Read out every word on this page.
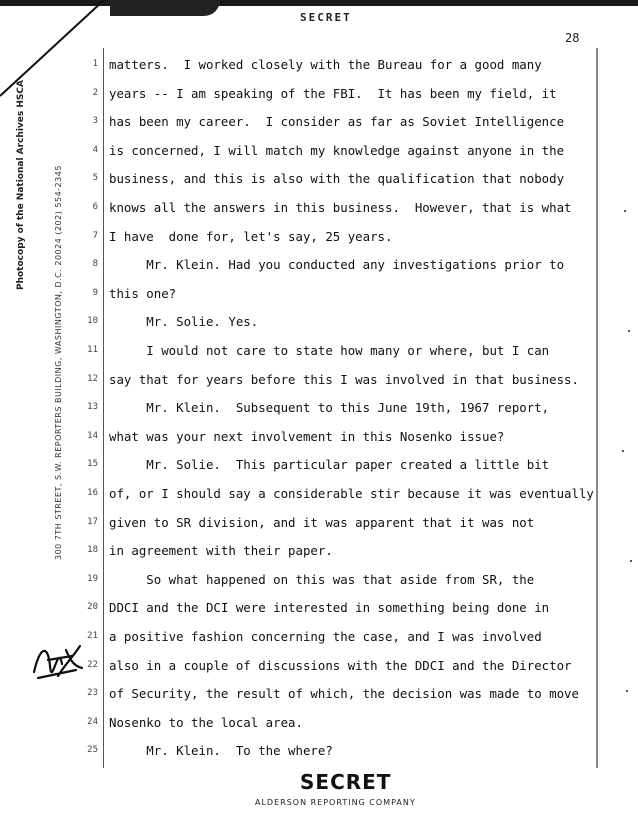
SECRET
28
Photocopy of the National Archives HSCA	300 7TH STREET, S.W. REPORTERS BUILDING, WASHINGTON, D.C. 20024 (202) 554-2345
1 matters.  I worked closely with the Bureau for a good many
2 years -- I am speaking of the FBI.  It has been my field, it
3 has been my career.  I consider as far as Soviet Intelligence
4 is concerned, I will match my knowledge against anyone in the
5 business, and this is also with the qualification that nobody
6 knows all the answers in this business.  However, that is what
7 I have  done for, let's say, 25 years.
8 Mr. Klein. Had you conducted any investigations prior to
9 this one?
10 Mr. Solie. Yes.
11 I would not care to state how many or where, but I can
12 say that for years before this I was involved in that business.
13 Mr. Klein.  Subsequent to this June 19th, 1967 report,
14 what was your next involvement in this Nosenko issue?
15 Mr. Solie.  This particular paper created a little bit
16 of, or I should say a considerable stir because it was eventually
17 given to SR division, and it was apparent that it was not
18 in agreement with their paper.
19 So what happened on this was that aside from SR, the
20 DDCI and the DCI were interested in something being done in
21 a positive fashion concerning the case, and I was involved
22 also in a couple of discussions with the DDCI and the Director
23 of Security, the result of which, the decision was made to move
24 Nosenko to the local area.
25 Mr. Klein.  To the where?
SECRET
ALDERSON REPORTING COMPANY
